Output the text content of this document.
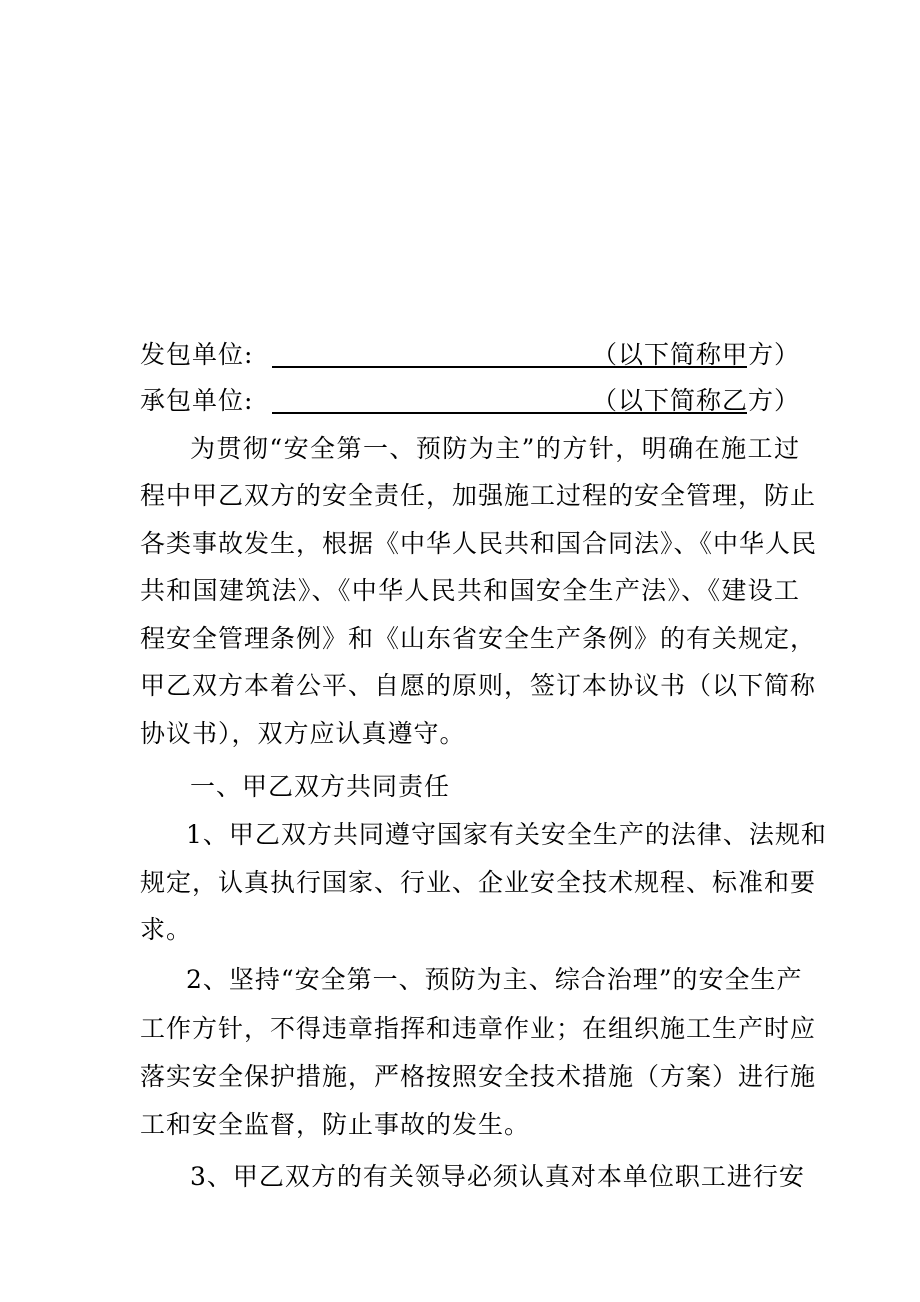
发包单位:	（以下简称甲方）
承包单位:	（以下简称乙方）
为贯彻“安全第一、预防为主”的方针，明确在施工过
程中甲乙双方的安全责任，加强施工过程的安全管理，防止
各类事故发生，根据《中华人民共和国合同法》、《中华人民
共和国建筑法》、《中华人民共和国安全生产法》、《建设工
程安全管理条例》和《山东省安全生产条例》的有关规定，
甲乙双方本着公平、自愿的原则，签订本协议书（以下简称
协议书），双方应认真遵守。
一、甲乙双方共同责任
1、甲乙双方共同遵守国家有关安全生产的法律、法规和
规定，认真执行国家、行业、企业安全技术规程、标准和要
求。
2、坚持“安全第一、预防为主、综合治理”的安全生产
工作方针，不得违章指挥和违章作业；在组织施工生产时应
落实安全保护措施，严格按照安全技术措施（方案）进行施
工和安全监督，防止事故的发生。
3、甲乙双方的有关领导必须认真对本单位职工进行安
